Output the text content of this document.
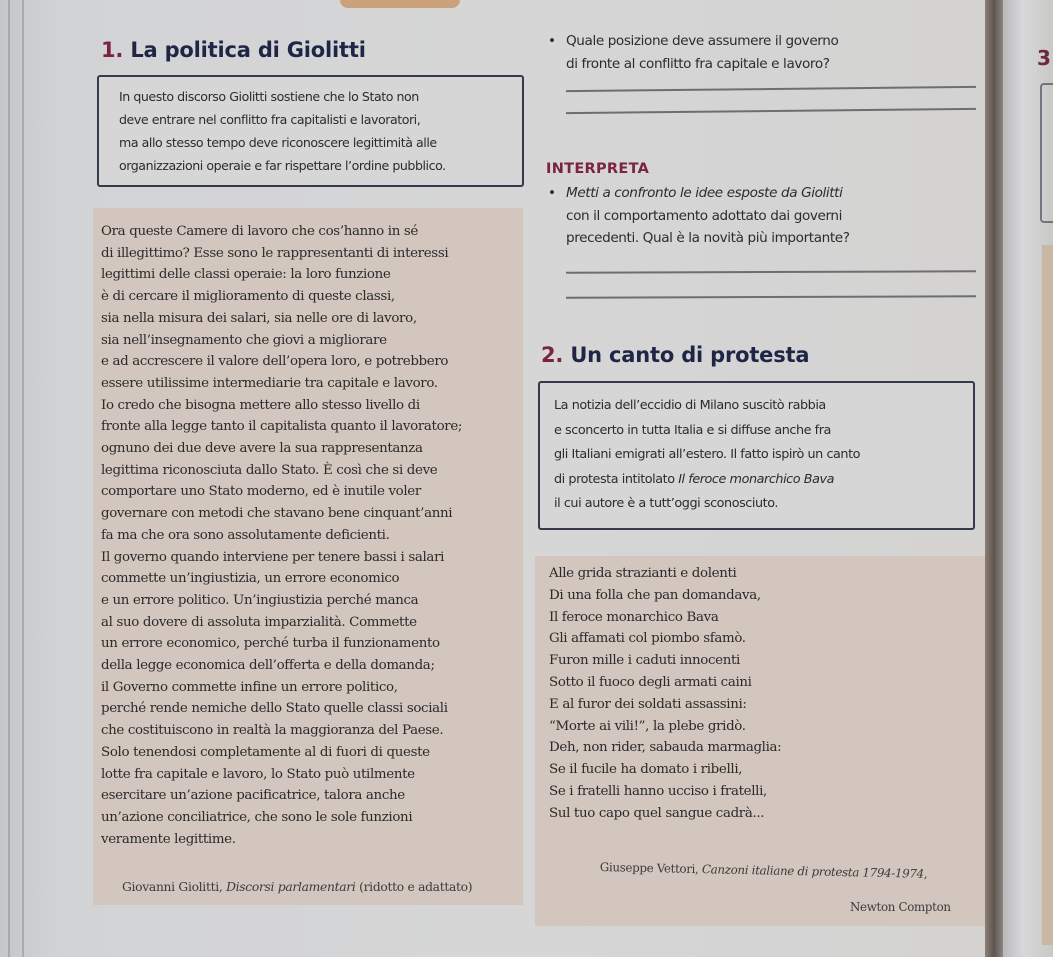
1. La politica di Giolitti
In questo discorso Giolitti sostiene che lo Stato non
deve entrare nel conflitto fra capitalisti e lavoratori,
ma allo stesso tempo deve riconoscere legittimità alle
organizzazioni operaie e far rispettare l’ordine pubblico.
Ora queste Camere di lavoro che cos’hanno in sé
di illegittimo? Esse sono le rappresentanti di interessi
legittimi delle classi operaie: la loro funzione
è di cercare il miglioramento di queste classi,
sia nella misura dei salari, sia nelle ore di lavoro,
sia nell’insegnamento che giovi a migliorare
e ad accrescere il valore dell’opera loro, e potrebbero
essere utilissime intermediarie tra capitale e lavoro.
Io credo che bisogna mettere allo stesso livello di
fronte alla legge tanto il capitalista quanto il lavoratore;
ognuno dei due deve avere la sua rappresentanza
legittima riconosciuta dallo Stato. È così che si deve
comportare uno Stato moderno, ed è inutile voler
governare con metodi che stavano bene cinquant’anni
fa ma che ora sono assolutamente deficienti.
Il governo quando interviene per tenere bassi i salari
commette un’ingiustizia, un errore economico
e un errore politico. Un’ingiustizia perché manca
al suo dovere di assoluta imparzialità. Commette
un errore economico, perché turba il funzionamento
della legge economica dell’offerta e della domanda;
il Governo commette infine un errore politico,
perché rende nemiche dello Stato quelle classi sociali
che costituiscono in realtà la maggioranza del Paese.
Solo tenendosi completamente al di fuori di queste
lotte fra capitale e lavoro, lo Stato può utilmente
esercitare un’azione pacificatrice, talora anche
un’azione conciliatrice, che sono le sole funzioni
veramente legittime.
Giovanni Giolitti, Discorsi parlamentari (ridotto e adattato)
• Quale posizione deve assumere il governo
di fronte al conflitto fra capitale e lavoro?
INTERPRETA
• Metti a confronto le idee esposte da Giolitti
con il comportamento adottato dai governi
precedenti. Qual è la novità più importante?
2. Un canto di protesta
La notizia dell’eccidio di Milano suscitò rabbia
e sconcerto in tutta Italia e si diffuse anche fra
gli Italiani emigrati all’estero. Il fatto ispirò un canto
di protesta intitolato Il feroce monarchico Bava
il cui autore è a tutt’oggi sconosciuto.
Alle grida strazianti e dolenti
Di una folla che pan domandava,
Il feroce monarchico Bava
Gli affamati col piombo sfamò.
Furon mille i caduti innocenti
Sotto il fuoco degli armati caini
E al furor dei soldati assassini:
“Morte ai vili!”, la plebe gridò.
Deh, non rider, sabauda marmaglia:
Se il fucile ha domato i ribelli,
Se i fratelli hanno ucciso i fratelli,
Sul tuo capo quel sangue cadrà...
Giuseppe Vettori, Canzoni italiane di protesta 1794-1974,
Newton Compton
3
